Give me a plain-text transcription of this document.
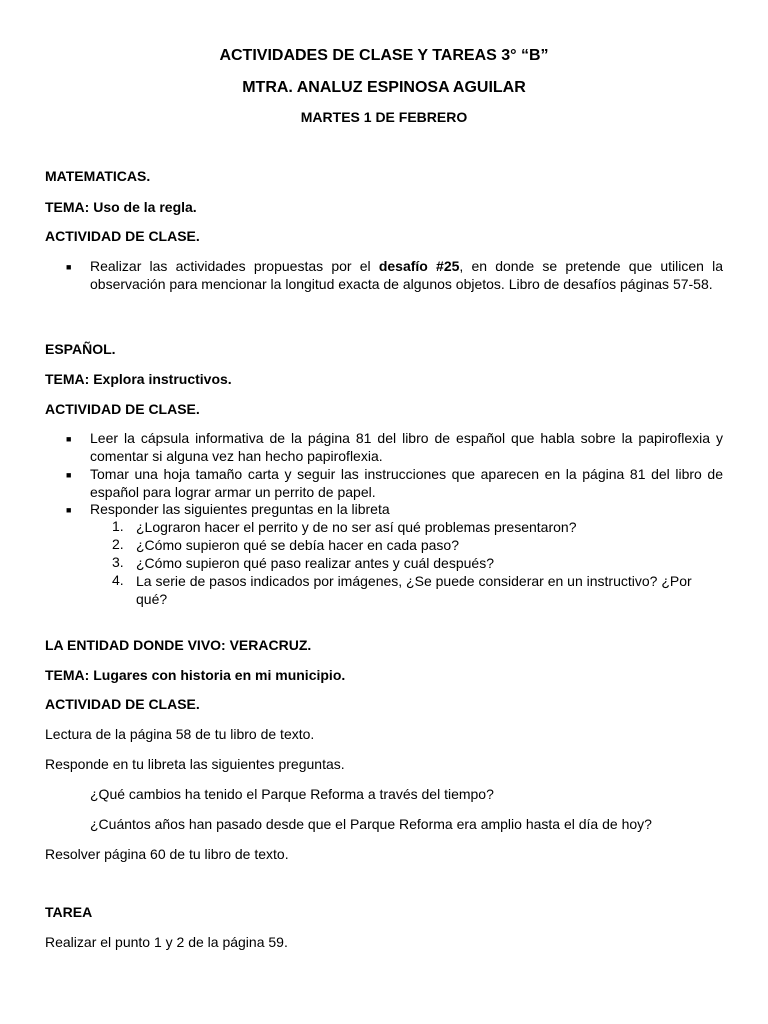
ACTIVIDADES DE CLASE Y TAREAS 3° “B”
MTRA. ANALUZ ESPINOSA AGUILAR
MARTES 1 DE FEBRERO
MATEMATICAS.
TEMA: Uso de la regla.
ACTIVIDAD DE CLASE.
■ Realizar las actividades propuestas por el desafío #25, en donde se pretende que utilicen la observación para mencionar la longitud exacta de algunos objetos. Libro de desafíos páginas 57-58.
ESPAÑOL.
TEMA: Explora instructivos.
ACTIVIDAD DE CLASE.
■ Leer la cápsula informativa de la página 81 del libro de español que habla sobre la papiroflexia y comentar si alguna vez han hecho papiroflexia.
■ Tomar una hoja tamaño carta y seguir las instrucciones que aparecen en la página 81 del libro de español para lograr armar un perrito de papel.
■ Responder las siguientes preguntas en la libreta
1. ¿Lograron hacer el perrito y de no ser así qué problemas presentaron?
2. ¿Cómo supieron qué se debía hacer en cada paso?
3. ¿Cómo supieron qué paso realizar antes y cuál después?
4. La serie de pasos indicados por imágenes, ¿Se puede considerar en un instructivo? ¿Por qué?
LA ENTIDAD DONDE VIVO: VERACRUZ.
TEMA: Lugares con historia en mi municipio.
ACTIVIDAD DE CLASE.
Lectura de la página 58 de tu libro de texto.
Responde en tu libreta las siguientes preguntas.
¿Qué cambios ha tenido el Parque Reforma a través del tiempo?
¿Cuántos años han pasado desde que el Parque Reforma era amplio hasta el día de hoy?
Resolver página 60 de tu libro de texto.
TAREA
Realizar el punto 1 y 2 de la página 59.
